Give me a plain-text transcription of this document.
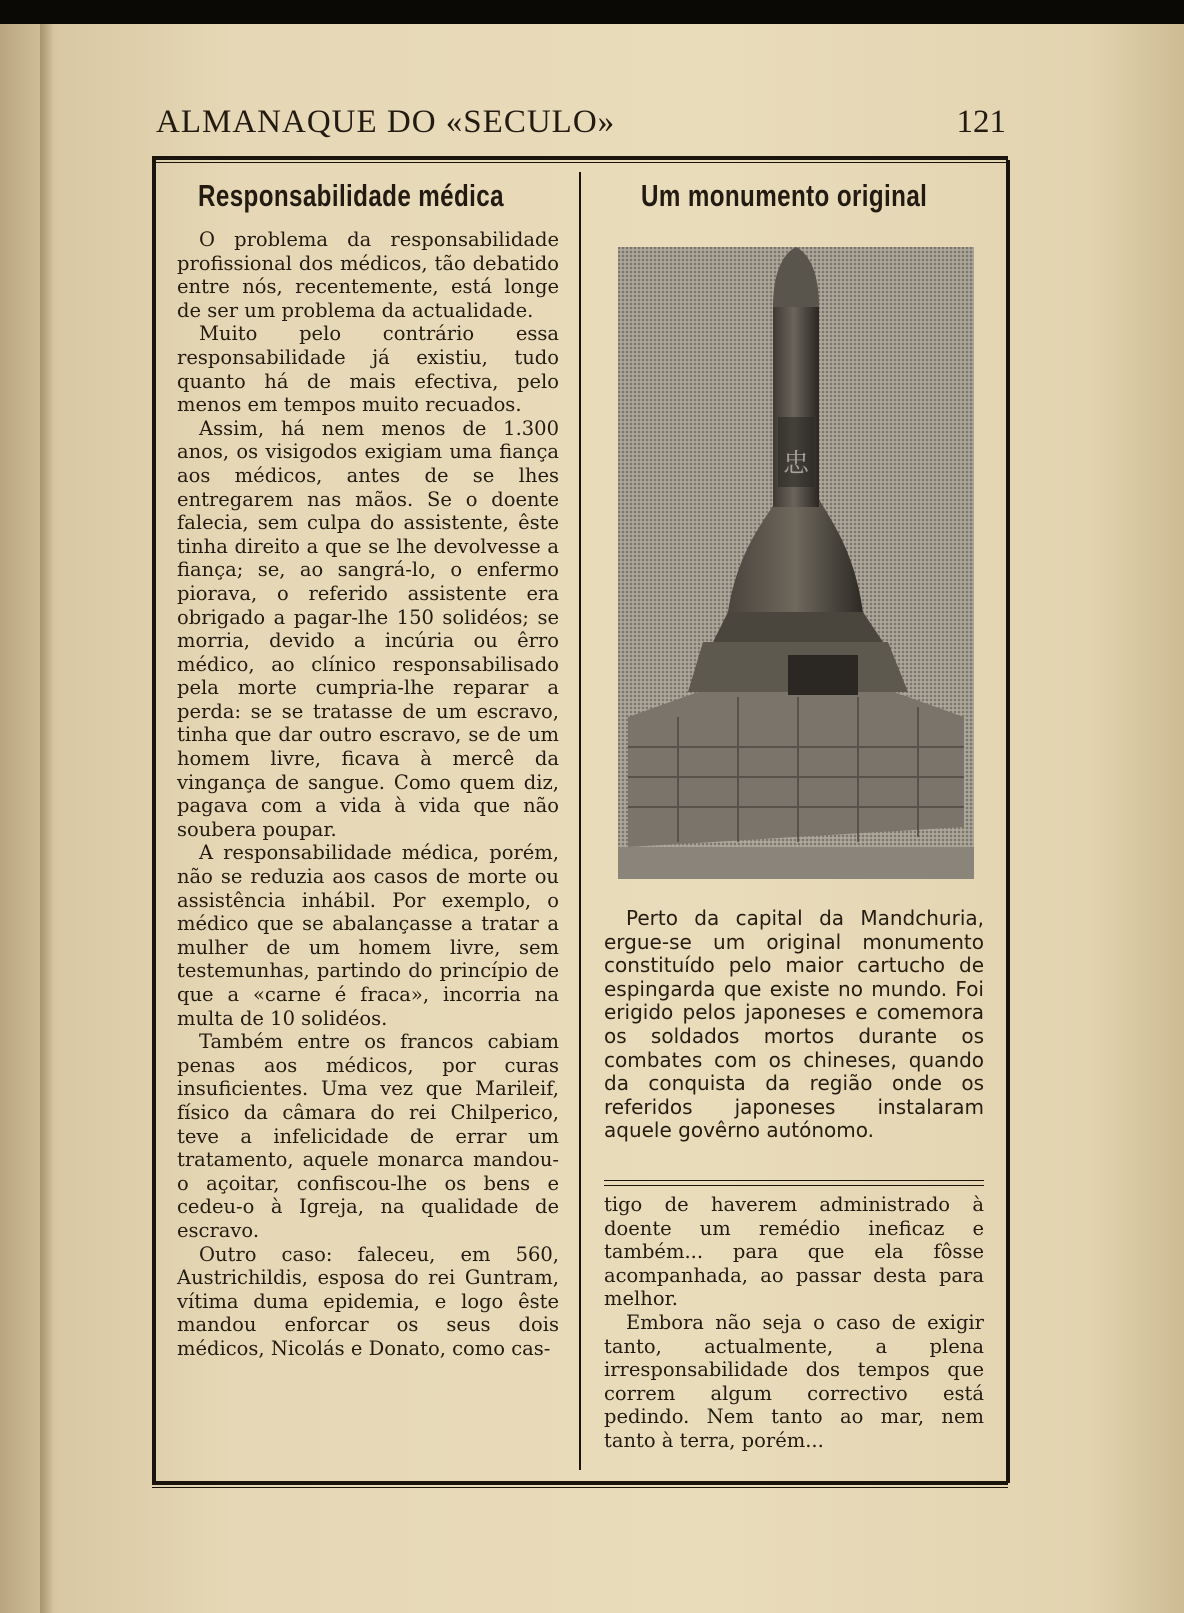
ALMANAQUE DO «SECULO»	121
Responsabilidade médica

O problema da responsabilidade profissional dos médicos, tão debatido entre nós, recentemente, está longe de ser um problema da actualidade.

Muito pelo contrário essa responsabilidade já existiu, tudo quanto há de mais efectiva, pelo menos em tempos muito recuados.

Assim, há nem menos de 1.300 anos, os visigodos exigiam uma fiança aos médicos, antes de se lhes entregarem nas mãos. Se o doente falecia, sem culpa do assistente, êste tinha direito a que se lhe devolvesse a fiança; se, ao sangrá-lo, o enfermo piorava, o referido assistente era obrigado a pagar-lhe 150 solidéos; se morria, devido a incúria ou êrro médico, ao clínico responsabilisado pela morte cumpria-lhe reparar a perda: se se tratasse de um escravo, tinha que dar outro escravo, se de um homem livre, ficava à mercê da vingança de sangue. Como quem diz, pagava com a vida à vida que não soubera poupar.

A responsabilidade médica, porém, não se reduzia aos casos de morte ou assistência inhábil. Por exemplo, o médico que se abalançasse a tratar a mulher de um homem livre, sem testemunhas, partindo do princípio de que a «carne é fraca», incorria na multa de 10 solidéos.

Também entre os francos cabiam penas aos médicos, por curas insuficientes. Uma vez que Marileif, físico da câmara do rei Chilperico, teve a infelicidade de errar um tratamento, aquele monarca mandou-o açoitar, confiscou-lhe os bens e cedeu-o à Igreja, na qualidade de escravo.

Outro caso: faleceu, em 560, Austrichildis, esposa do rei Guntram, vítima duma epidemia, e logo êste mandou enforcar os seus dois médicos, Nicolás e Donato, como cas-

Um monumento original
忠
Perto da capital da Mandchuria, ergue-se um original monumento constituído pelo maior cartucho de espingarda que existe no mundo. Foi erigido pelos japoneses e comemora os soldados mortos durante os combates com os chineses, quando da conquista da região onde os referidos japoneses instalaram aquele govêrno autónomo.

tigo de haverem administrado à doente um remédio ineficaz e também... para que ela fôsse acompanhada, ao passar desta para melhor.

Embora não seja o caso de exigir tanto, actualmente, a plena irresponsabilidade dos tempos que correm algum correctivo está pedindo. Nem tanto ao mar, nem tanto à terra, porém...
